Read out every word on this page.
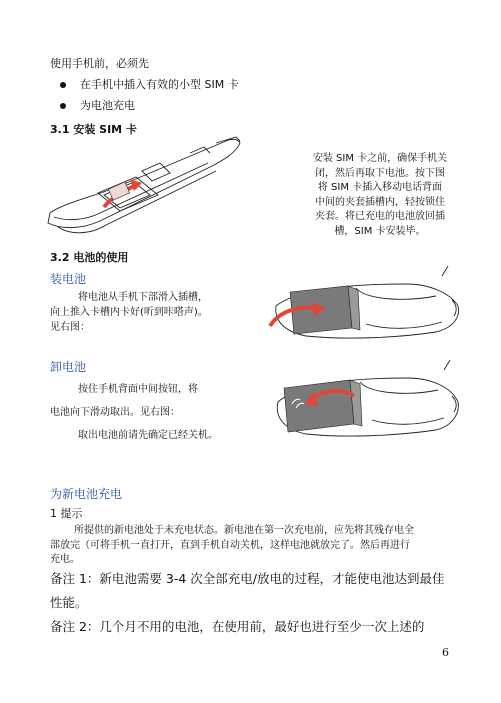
使用手机前，必须先
在手机中插入有效的小型 SIM 卡
为电池充电
3.1 安装 SIM 卡
安装 SIM 卡之前，确保手机关
闭，然后再取下电池。按下图
将 SIM 卡插入移动电话背面
中间的夹套插槽内，轻按锁住
夹套。将已充电的电池放回插
槽，SIM 卡安装毕。
3.2 电池的使用
装电池
将电池从手机下部滑入插槽，
向上推入卡槽内卡好(听到咔嗒声)。
见右图：
卸电池
按住手机背面中间按钮，将
电池向下滑动取出。见右图：
取出电池前请先确定已经关机。
为新电池充电
1 提示
所提供的新电池处于未充电状态。新电池在第一次充电前，应先将其残存电全
部放完（可将手机一直打开，直到手机自动关机，这样电池就放完了。然后再进行
充电。
备注 1：新电池需要 3-4 次全部充电/放电的过程，才能使电池达到最佳
性能。
备注 2：几个月不用的电池，在使用前，最好也进行至少一次上述的
6
